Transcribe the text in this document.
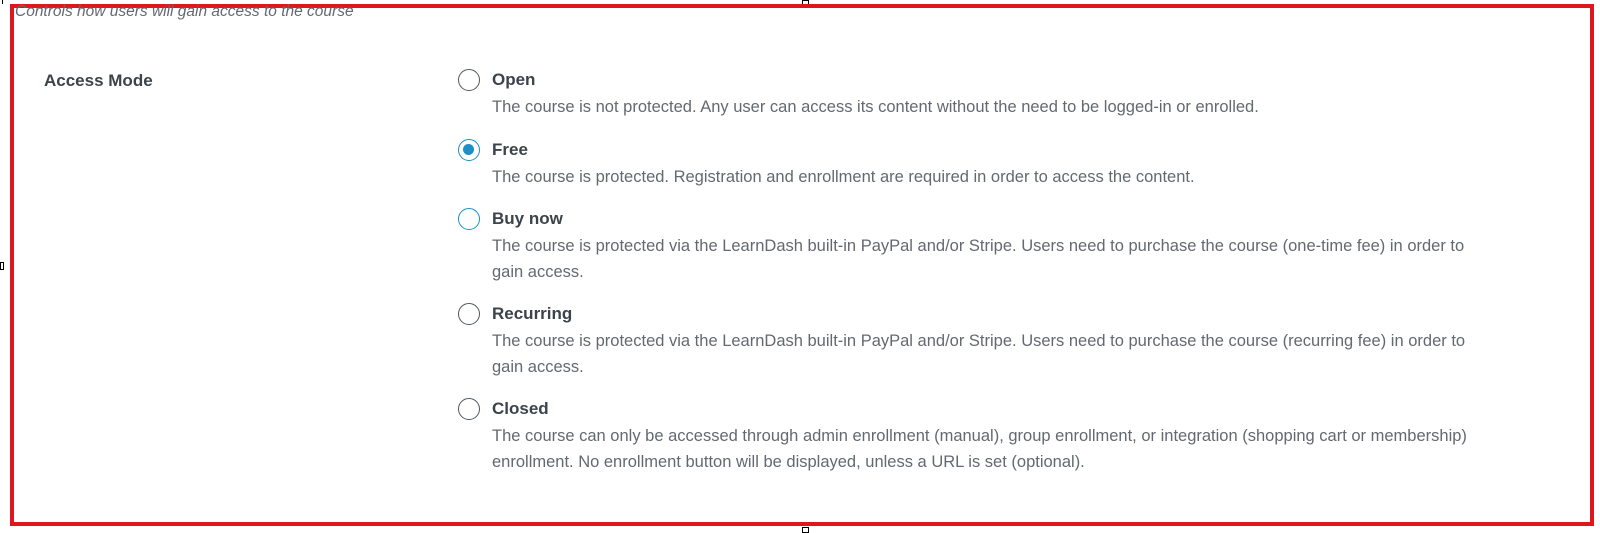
Controls how users will gain access to the course
Access Mode	Open
The course is not protected. Any user can access its content without the need to be logged-in or enrolled.
Free
The course is protected. Registration and enrollment are required in order to access the content.
Buy now
The course is protected via the LearnDash built-in PayPal and/or Stripe. Users need to purchase the course (one-time fee) in order to gain access.
Recurring
The course is protected via the LearnDash built-in PayPal and/or Stripe. Users need to purchase the course (recurring fee) in order to gain access.
Closed
The course can only be accessed through admin enrollment (manual), group enrollment, or integration (shopping cart or membership) enrollment. No enrollment button will be displayed, unless a URL is set (optional).
